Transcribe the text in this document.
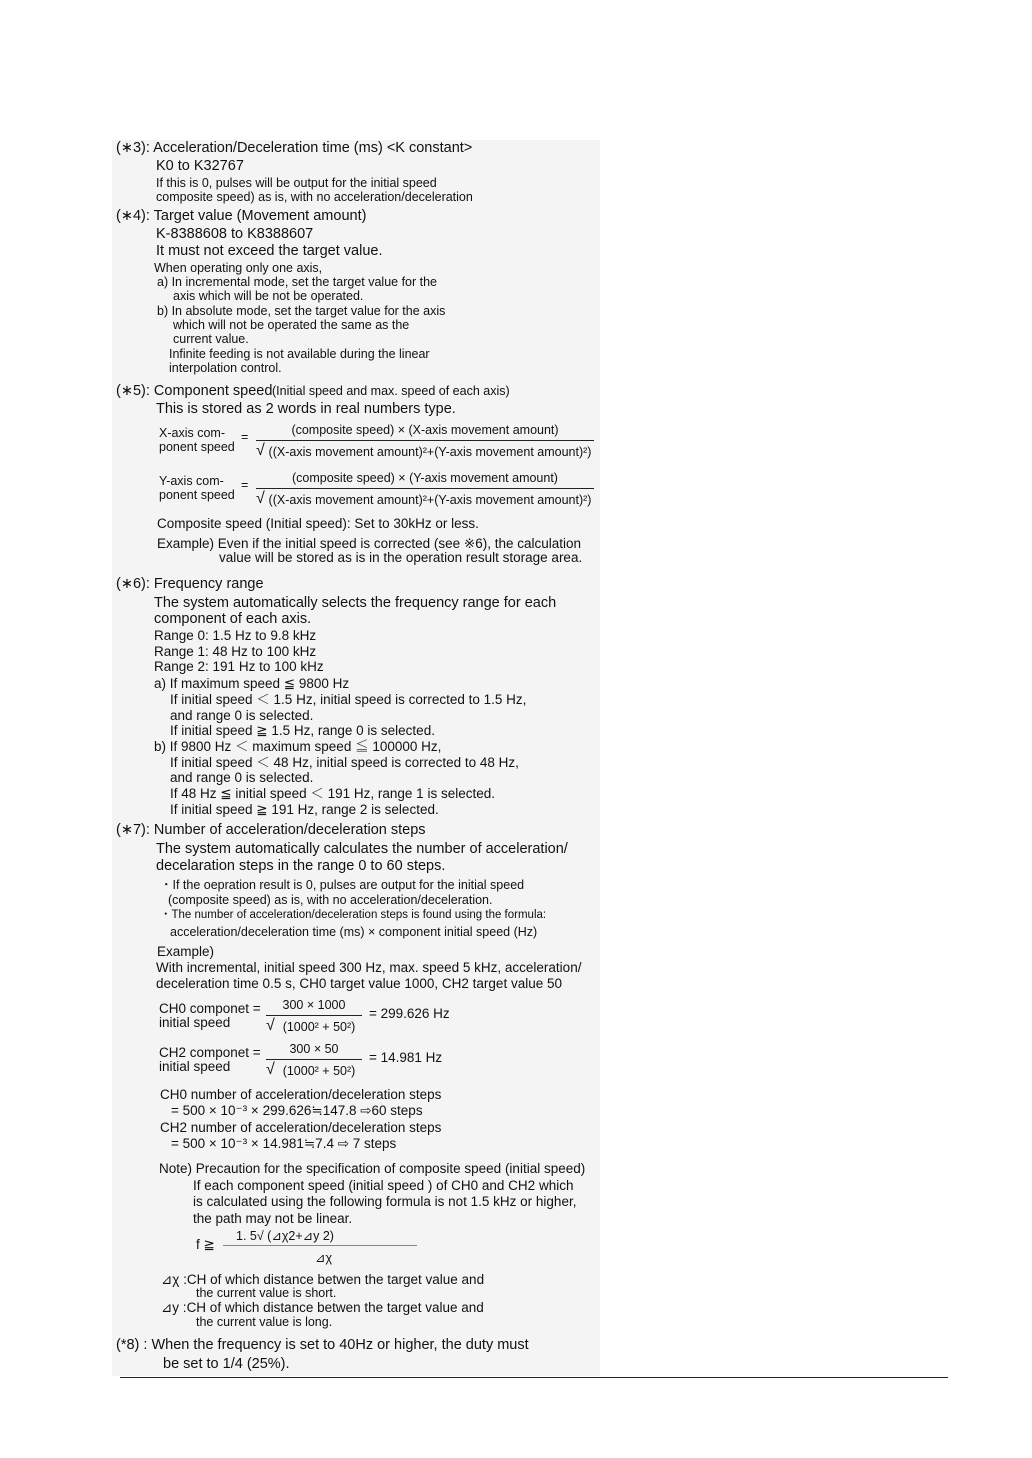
(∗3): Acceleration/Deceleration time (ms) <K constant>
K0 to K32767
If this is 0, pulses will be output for the initial speed
composite speed) as is, with no acceleration/deceleration
(∗4): Target value (Movement amount)
K-8388608 to K8388607
It must not exceed the target value.
When operating only one axis,
a) In incremental mode, set the target value for the
axis which will be not be operated.
b) In absolute mode, set the target value for the axis
which will not be operated the same as the
current value.
Infinite feeding is not available during the linear
interpolation control.
(∗5): Component speed (Initial speed and max. speed of each axis)
This is stored as 2 words in real numbers type.
X-axis com-
ponent speed
=	(composite speed) × (X-axis movement amount)
((X-axis movement amount)²+(Y-axis movement amount)²)
√
Y-axis com-
ponent speed
=	(composite speed) × (Y-axis movement amount)
((X-axis movement amount)²+(Y-axis movement amount)²)
√
Composite speed (Initial speed): Set to 30kHz or less.
Example) Even if the initial speed is corrected (see ※6), the calculation
value will be stored as is in the operation result storage area.
(∗6): Frequency range
The system automatically selects the frequency range for each
component of each axis.
Range 0: 1.5 Hz to 9.8 kHz
Range 1: 48 Hz to 100 kHz
Range 2: 191 Hz to 100 kHz
a) If maximum speed ≦ 9800 Hz
If initial speed ＜ 1.5 Hz, initial speed is corrected to 1.5 Hz,
and range 0 is selected.
If initial speed ≧ 1.5 Hz, range 0 is selected.
b) If 9800 Hz ＜ maximum speed ≦ 100000 Hz,
If initial speed ＜ 48 Hz, initial speed is corrected to 48 Hz,
and range 0 is selected.
If 48 Hz ≦ initial speed ＜ 191 Hz, range 1 is selected.
If initial speed ≧ 191 Hz, range 2 is selected.
(∗7): Number of acceleration/deceleration steps
The system automatically calculates the number of acceleration/
decelaration steps in the range 0 to 60 steps.
・If the oepration result is 0, pulses are output for the initial speed
(composite speed) as is, with no acceleration/deceleration.
・The number of acceleration/deceleration steps is found using the formula:
acceleration/deceleration time (ms) × component initial speed (Hz)
Example)
With incremental, initial speed 300 Hz, max. speed 5 kHz, acceleration/
deceleration time 0.5 s, CH0 target value 1000, CH2 target value 50
CH0 componet =
initial speed
300 × 1000
(1000² + 50²)
√
= 299.626 Hz
CH2 componet =
initial speed
300 × 50
(1000² + 50²)
√
= 14.981 Hz
CH0 number of acceleration/deceleration steps
= 500 × 10⁻³ × 299.626≒147.8 ⇨60 steps
CH2 number of acceleration/deceleration steps
= 500 × 10⁻³ × 14.981≒7.4 ⇨ 7 steps
Note) Precaution for the specification of composite speed (initial speed)
If each component speed (initial speed ) of CH0 and CH2 which
is calculated using the following formula is not 1.5 kHz or higher,
the path may not be linear.
f ≧
1. 5√ (⊿χ2+⊿y 2)
⊿χ
⊿χ :CH of which distance betwen the target value and
the current value is short.
⊿y :CH of which distance betwen the target value and
the current value is long.
(*8) : When the frequency is set to 40Hz or higher, the duty must
be set to 1/4 (25%).
